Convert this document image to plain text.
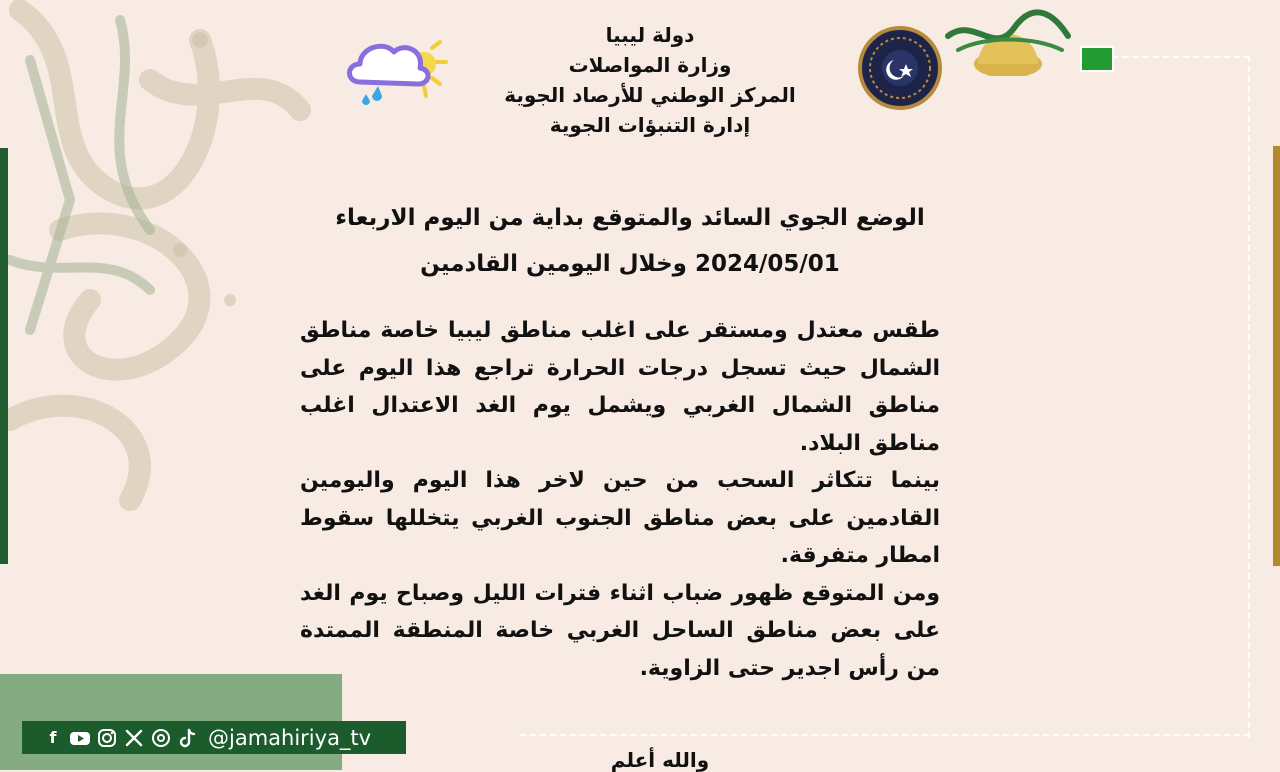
دولة ليبيا
وزارة المواصلات
المركز الوطني للأرصاد الجوية
إدارة التنبؤات الجوية
الوضع الجوي السائد والمتوقع بداية من اليوم الاربعاء
2024/05/01 وخلال اليومين القادمين
طقس معتدل ومستقر على اغلب مناطق ليبيا خاصة مناطق الشمال حيث تسجل درجات الحرارة تراجع هذا اليوم على مناطق الشمال الغربي ويشمل يوم الغد الاعتدال اغلب مناطق البلاد.
بينما تتكاثر السحب من حين لاخر هذا اليوم واليومين القادمين على بعض مناطق الجنوب الغربي يتخللها سقوط امطار متفرقة.
ومن المتوقع ظهور ضباب اثناء فترات الليل وصباح يوم الغد على بعض مناطق الساحل الغربي خاصة المنطقة الممتدة من رأس اجدير حتى الزاوية.
والله أعلم
f	@jamahiriya_tv
